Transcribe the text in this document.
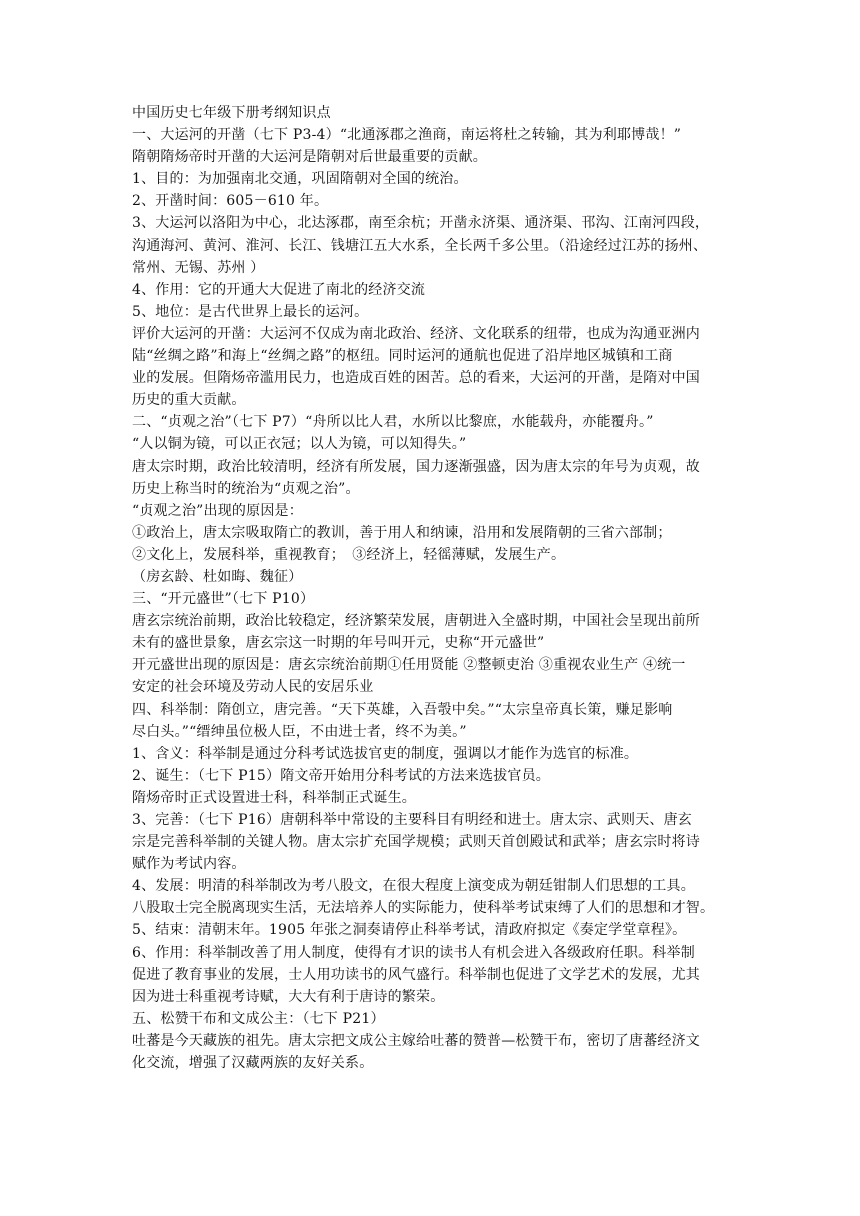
中国历史七年级下册考纲知识点
一、大运河的开凿（七下 P3-4）“北通涿郡之渔商，南运将杜之转输，其为利耶博哉！”
隋朝隋炀帝时开凿的大运河是隋朝对后世最重要的贡献。
1、目的：为加强南北交通，巩固隋朝对全国的统治。
2、开凿时间：605－610 年。
3、大运河以洛阳为中心，北达涿郡，南至余杭；开凿永济渠、通济渠、邗沟、江南河四段，
沟通海河、黄河、淮河、长江、钱塘江五大水系，全长两千多公里。（沿途经过江苏的扬州、
常州、无锡、苏州 ）
4、作用：它的开通大大促进了南北的经济交流
5、地位：是古代世界上最长的运河。
评价大运河的开凿：大运河不仅成为南北政治、经济、文化联系的纽带，也成为沟通亚洲内
陆“丝绸之路”和海上“丝绸之路”的枢纽。同时运河的通航也促进了沿岸地区城镇和工商
业的发展。但隋炀帝滥用民力，也造成百姓的困苦。总的看来，大运河的开凿，是隋对中国
历史的重大贡献。
二、“贞观之治”（七下 P7）“舟所以比人君，水所以比黎庶，水能载舟，亦能覆舟。”
“人以铜为镜，可以正衣冠；以人为镜，可以知得失。”
唐太宗时期，政治比较清明，经济有所发展，国力逐渐强盛，因为唐太宗的年号为贞观，故
历史上称当时的统治为“贞观之治”。
“贞观之治”出现的原因是：
①政治上，唐太宗吸取隋亡的教训，善于用人和纳谏，沿用和发展隋朝的三省六部制；
②文化上，发展科举，重视教育；　③经济上，轻徭薄赋，发展生产。
（房玄龄、杜如晦、魏征）
三、“开元盛世”（七下 P10）
唐玄宗统治前期，政治比较稳定，经济繁荣发展，唐朝进入全盛时期，中国社会呈现出前所
未有的盛世景象，唐玄宗这一时期的年号叫开元，史称“开元盛世”
开元盛世出现的原因是：唐玄宗统治前期①任用贤能 ②整顿吏治 ③重视农业生产 ④统一
安定的社会环境及劳动人民的安居乐业
四、科举制：隋创立，唐完善。“天下英雄，入吾彀中矣。”“太宗皇帝真长策，赚足影响
尽白头。”“缙绅虽位极人臣，不由进士者，终不为美。”
1、含义：科举制是通过分科考试选拔官吏的制度，强调以才能作为选官的标准。
2、诞生：（七下 P15）隋文帝开始用分科考试的方法来选拔官员。
隋炀帝时正式设置进士科，科举制正式诞生。
3、完善：（七下 P16）唐朝科举中常设的主要科目有明经和进士。唐太宗、武则天、唐玄
宗是完善科举制的关键人物。唐太宗扩充国学规模；武则天首创殿试和武举；唐玄宗时将诗
赋作为考试内容。
4、发展：明清的科举制改为考八股文，在很大程度上演变成为朝廷钳制人们思想的工具。
八股取士完全脱离现实生活，无法培养人的实际能力，使科举考试束缚了人们的思想和才智。
5、结束：清朝末年。1905 年张之洞奏请停止科举考试，清政府拟定《奏定学堂章程》。
6、作用：科举制改善了用人制度，使得有才识的读书人有机会进入各级政府任职。科举制
促进了教育事业的发展，士人用功读书的风气盛行。科举制也促进了文学艺术的发展，尤其
因为进士科重视考诗赋，大大有利于唐诗的繁荣。
五、松赞干布和文成公主：（七下 P21）
吐蕃是今天藏族的祖先。唐太宗把文成公主嫁给吐蕃的赞普—松赞干布，密切了唐蕃经济文
化交流，增强了汉藏两族的友好关系。
